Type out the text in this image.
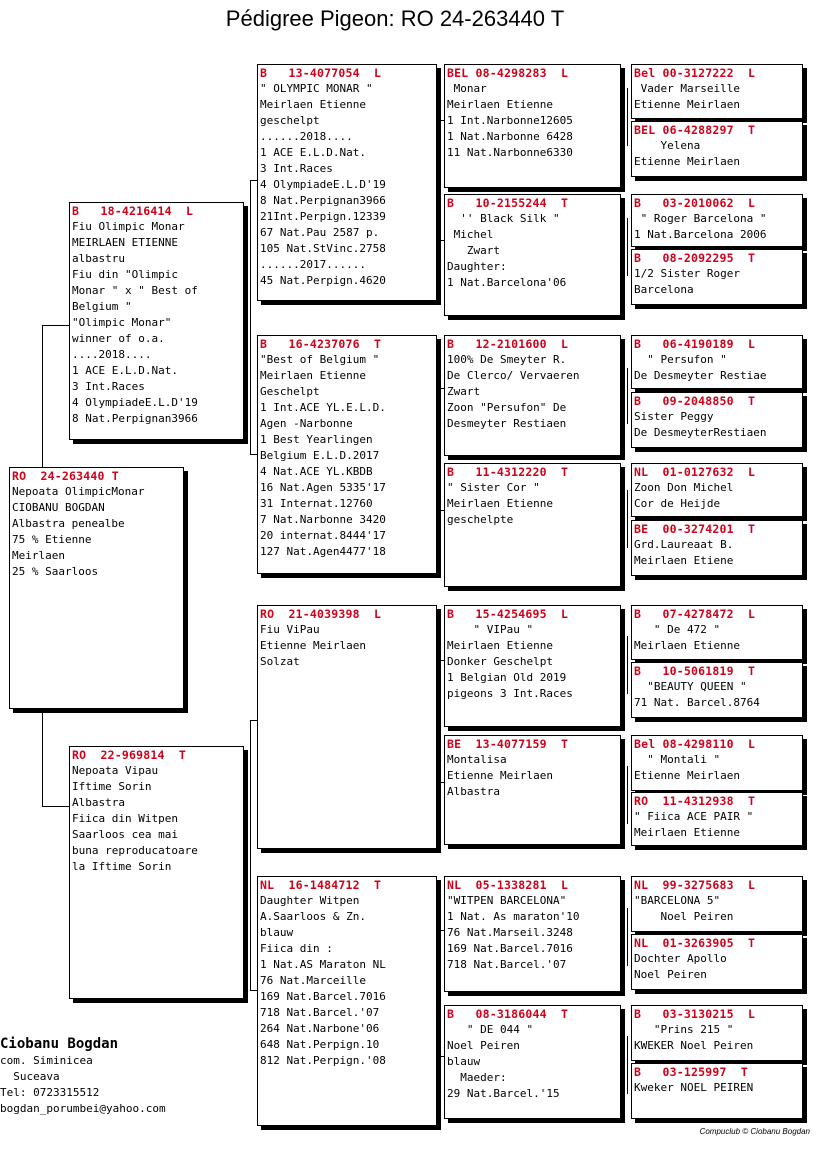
Pédigree Pigeon: RO 24-263440 T
RO  24-263440 T
Nepoata OlimpicMonar
CIOBANU BOGDAN
Albastra penealbe
75 % Etienne
Meirlaen
25 % Saarloos
B   18-4216414  L
Fiu Olimpic Monar
MEIRLAEN ETIENNE
albastru
Fiu din "Olimpic
Monar " x " Best of
Belgium "
"Olimpic Monar"
winner of o.a.
....2018....
1 ACE E.L.D.Nat.
3 Int.Races
4 OlympiadeE.L.D'19
8 Nat.Perpignan3966
RO  22-969814  T
Nepoata Vipau
Iftime Sorin
Albastra
Fiica din Witpen
Saarloos cea mai
buna reproducatoare
la Iftime Sorin
B   13-4077054  L
" OLYMPIC MONAR "
Meirlaen Etienne
geschelpt
......2018....
1 ACE E.L.D.Nat.
3 Int.Races
4 OlympiadeE.L.D'19
8 Nat.Perpignan3966
21Int.Perpign.12339
67 Nat.Pau 2587 p.
105 Nat.StVinc.2758
......2017......
45 Nat.Perpign.4620
B   16-4237076  T
"Best of Belgium "
Meirlaen Etienne
Geschelpt
1 Int.ACE YL.E.L.D.
Agen -Narbonne
1 Best Yearlingen
Belgium E.L.D.2017
4 Nat.ACE YL.KBDB
16 Nat.Agen 5335'17
31 Internat.12760
7 Nat.Narbonne 3420
20 internat.8444'17
127 Nat.Agen4477'18
RO  21-4039398  L
Fiu ViPau
Etienne Meirlaen
Solzat
NL  16-1484712  T
Daughter Witpen
A.Saarloos & Zn.
blauw
Fiica din :
1 Nat.AS Maraton NL
76 Nat.Marceille
169 Nat.Barcel.7016
718 Nat.Barcel.'07
264 Nat.Narbone'06
648 Nat.Perpign.10
812 Nat.Perpign.'08
BEL 08-4298283  L
Monar
Meirlaen Etienne
1 Int.Narbonne12605
1 Nat.Narbonne 6428
11 Nat.Narbonne6330
B   10-2155244  T
'' Black Silk "
Michel
Zwart
Daughter:
1 Nat.Barcelona'06
B   12-2101600  L
100% De Smeyter R.
De Clerco/ Vervaeren
Zwart
Zoon "Persufon" De
Desmeyter Restiaen
B   11-4312220  T
" Sister Cor "
Meirlaen Etienne
geschelpte
B   15-4254695  L
" VIPau "
Meirlaen Etienne
Donker Geschelpt
1 Belgian Old 2019
pigeons 3 Int.Races
BE  13-4077159  T
Montalisa
Etienne Meirlaen
Albastra
NL  05-1338281  L
"WITPEN BARCELONA"
1 Nat. As maraton'10
76 Nat.Marseil.3248
169 Nat.Barcel.7016
718 Nat.Barcel.'07
B   08-3186044  T
" DE 044 "
Noel Peiren
blauw
Maeder:
29 Nat.Barcel.'15
Bel 00-3127222  L
Vader Marseille
Etienne Meirlaen
BEL 06-4288297  T
Yelena
Etienne Meirlaen
B   03-2010062  L
" Roger Barcelona "
1 Nat.Barcelona 2006
B   08-2092295  T
1/2 Sister Roger
Barcelona
B   06-4190189  L
" Persufon "
De Desmeyter Restiae
B   09-2048850  T
Sister Peggy
De DesmeyterRestiaen
NL  01-0127632  L
Zoon Don Michel
Cor de Heijde
BE  00-3274201  T
Grd.Laureaat B.
Meirlaen Etiene
B   07-4278472  L
" De 472 "
Meirlaen Etienne
B   10-5061819  T
"BEAUTY QUEEN "
71 Nat. Barcel.8764
Bel 08-4298110  L
" Montali "
Etienne Meirlaen
RO  11-4312938  T
" Fiica ACE PAIR "
Meirlaen Etienne
NL  99-3275683  L
"BARCELONA 5"
Noel Peiren
NL  01-3263905  T
Dochter Apollo
Noel Peiren
B   03-3130215  L
"Prins 215 "
KWEKER Noel Peiren
B   03-125997  T
Kweker NOEL PEIREN
Ciobanu Bogdan
com. Siminicea
Suceava
Tel: 0723315512
bogdan_porumbei@yahoo.com
Compuclub © Ciobanu Bogdan
